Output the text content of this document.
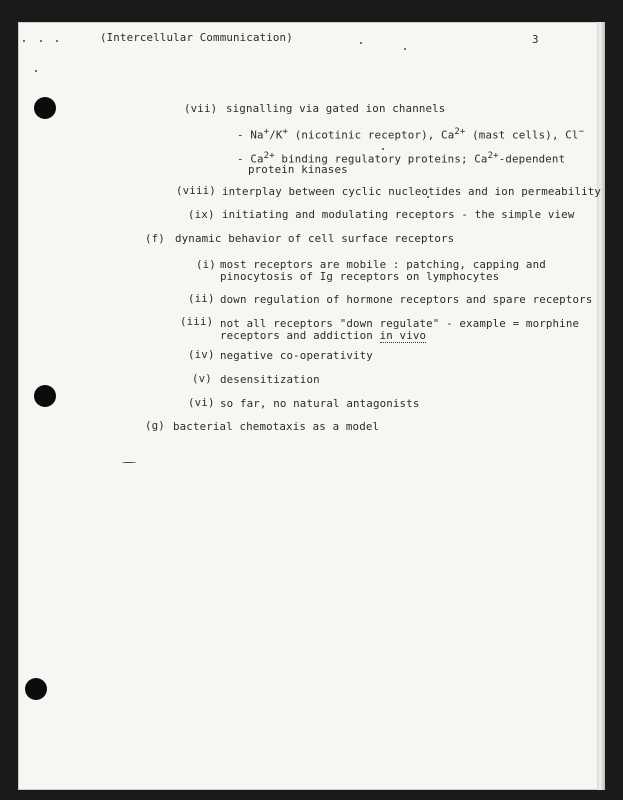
(Intercellular Communication)	3
(vii) signalling via gated ion channels
- Na+/K+ (nicotinic receptor), $Ca^{2+}$ (mast cells), Cl−
- $Ca^{2+}$ binding regulatory proteins; $Ca^{2+}$-dependent
protein kinases
(viii) interplay between cyclic nucleotides and ion permeability
(ix) initiating and modulating receptors - the simple view
(f) dynamic behavior of cell surface receptors
(i) most receptors are mobile : patching, capping and
pinocytosis of Ig receptors on lymphocytes
(ii) down regulation of hormone receptors and spare receptors
(iii) not all receptors "down regulate" - example = morphine
receptors and addiction in vivo
(iv) negative co-operativity
(v) desensitization
(vi) so far, no natural antagonists
(g) bacterial chemotaxis as a model
